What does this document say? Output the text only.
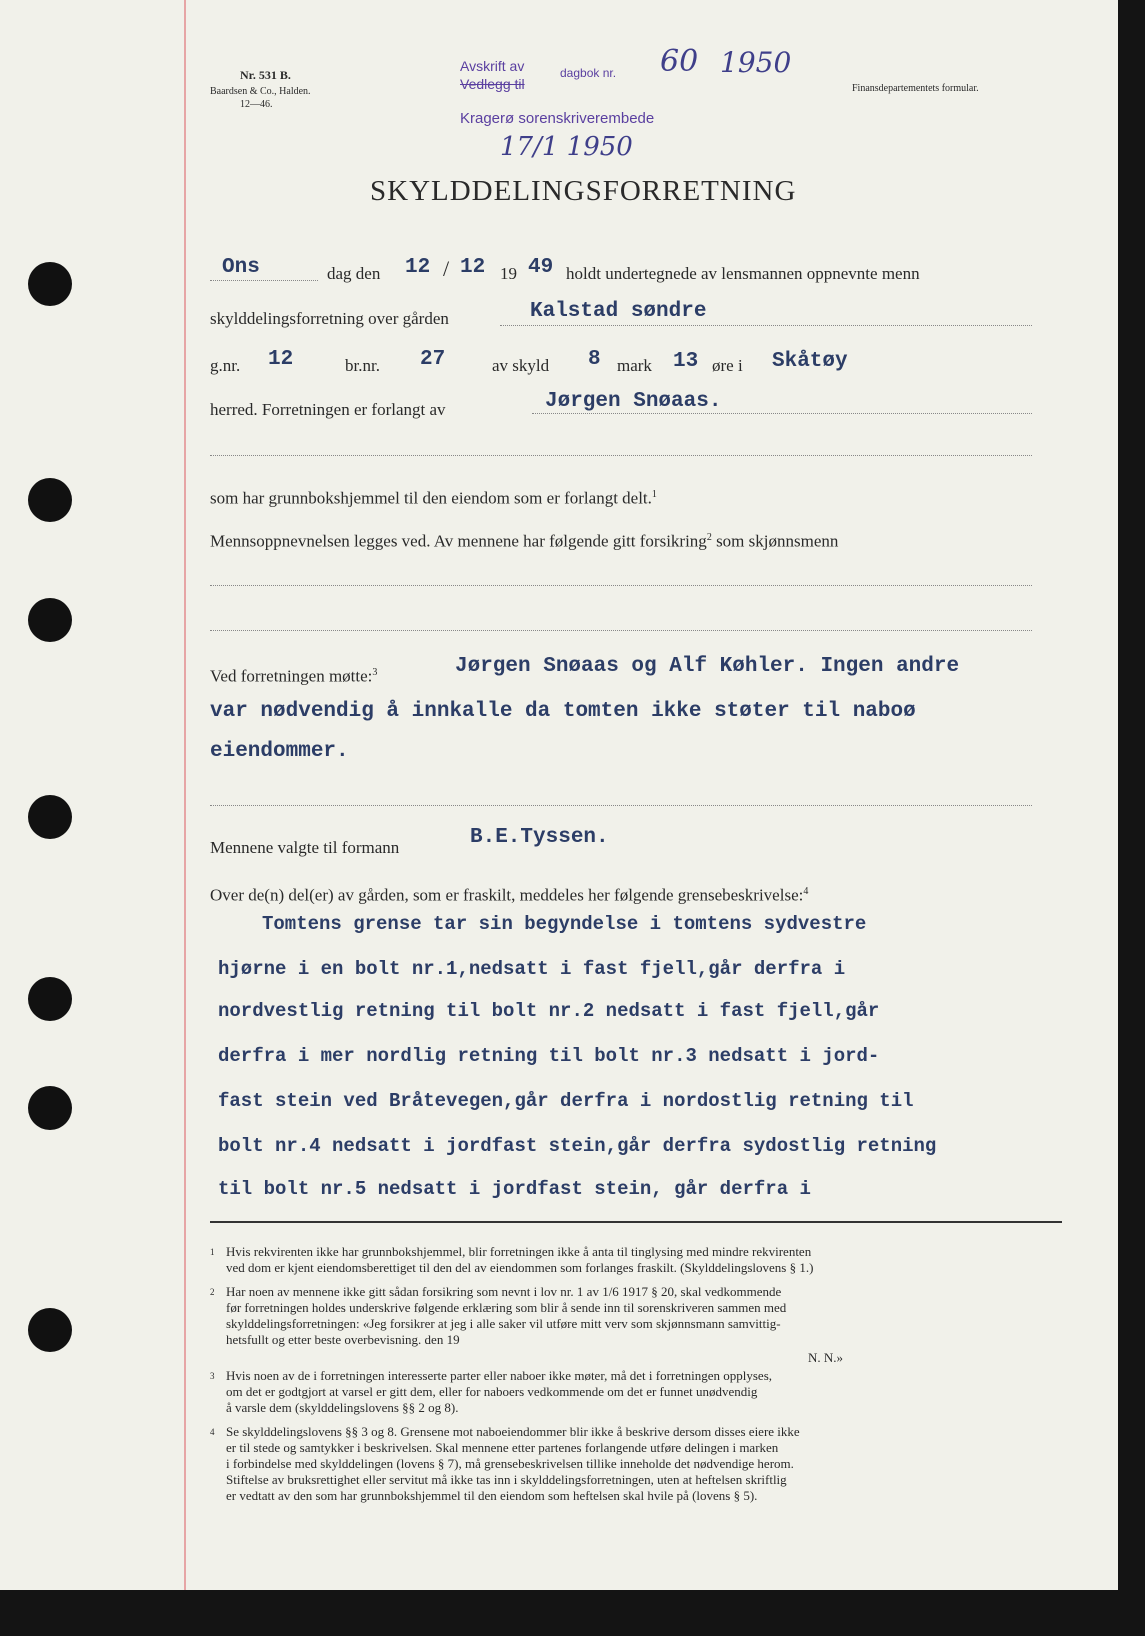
Nr. 531 B.
Baardsen & Co., Halden.
12—46.
Avskrift av
Vedlegg til
dagbok nr. 60 1950
Kragerø sorenskriverembede
17/1 1950
Finansdepartementets formular.
SKYLDDELINGSFORRETNING
Ons	dag den 12 / 12 19 49 holdt undertegnede av lensmannen oppnevnte menn
skylddelingsforretning over gården	Kalstad søndre
g.nr. 12	br.nr. 27	av skyld 8 mark 13 øre i Skåtøy
herred. Forretningen er forlangt av	Jørgen Snøaas.
som har grunnbokshjemmel til den eiendom som er forlangt delt.$^1$
Mennsoppnevnelsen legges ved. Av mennene har følgende gitt forsikring$^2$ som skjønnsmenn
Ved forretningen møtte:$^3$	Jørgen Snøaas og Alf Køhler. Ingen andre
var nødvendig å innkalle da tomten ikke støter til naboø
eiendommer.
Mennene valgte til formann	B.E.Tyssen.
Over de(n) del(er) av gården, som er fraskilt, meddeles her følgende grensebeskrivelse:$^4$
Tomtens grense tar sin begyndelse i tomtens sydvestre
hjørne i en bolt nr.1,nedsatt i fast fjell,går derfra i
nordvestlig retning til bolt nr.2 nedsatt i fast fjell,går
derfra i mer nordlig retning til bolt nr.3 nedsatt i jord-
fast stein ved Bråtevegen,går derfra i nordostlig retning til
bolt nr.4 nedsatt i jordfast stein,går derfra sydostlig retning
til bolt nr.5 nedsatt i jordfast stein, går derfra i
1 Hvis rekvirenten ikke har grunnbokshjemmel, blir forretningen ikke å anta til tinglysing med mindre rekvirenten
ved dom er kjent eiendomsberettiget til den del av eiendommen som forlanges fraskilt. (Skylddelingslovens § 1.)
2 Har noen av mennene ikke gitt sådan forsikring som nevnt i lov nr. 1 av 1/6 1917 § 20, skal vedkommende
før forretningen holdes underskrive følgende erklæring som blir å sende inn til sorenskriveren sammen med
skylddelingsforretningen: «Jeg forsikrer at jeg i alle saker vil utføre mitt verv som skjønnsmann samvittig-
hetsfullt og etter beste overbevisning. den 19
N. N.»
3 Hvis noen av de i forretningen interesserte parter eller naboer ikke møter, må det i forretningen opplyses,
om det er godtgjort at varsel er gitt dem, eller for naboers vedkommende om det er funnet unødvendig
å varsle dem (skylddelingslovens §§ 2 og 8).
4 Se skylddelingslovens §§ 3 og 8. Grensene mot naboeiendommer blir ikke å beskrive dersom disses eiere ikke
er til stede og samtykker i beskrivelsen. Skal mennene etter partenes forlangende utføre delingen i marken
i forbindelse med skylddelingen (lovens § 7), må grensebeskrivelsen tillike inneholde det nødvendige herom.
Stiftelse av bruksrettighet eller servitut må ikke tas inn i skylddelingsforretningen, uten at heftelsen skriftlig
er vedtatt av den som har grunnbokshjemmel til den eiendom som heftelsen skal hvile på (lovens § 5).
